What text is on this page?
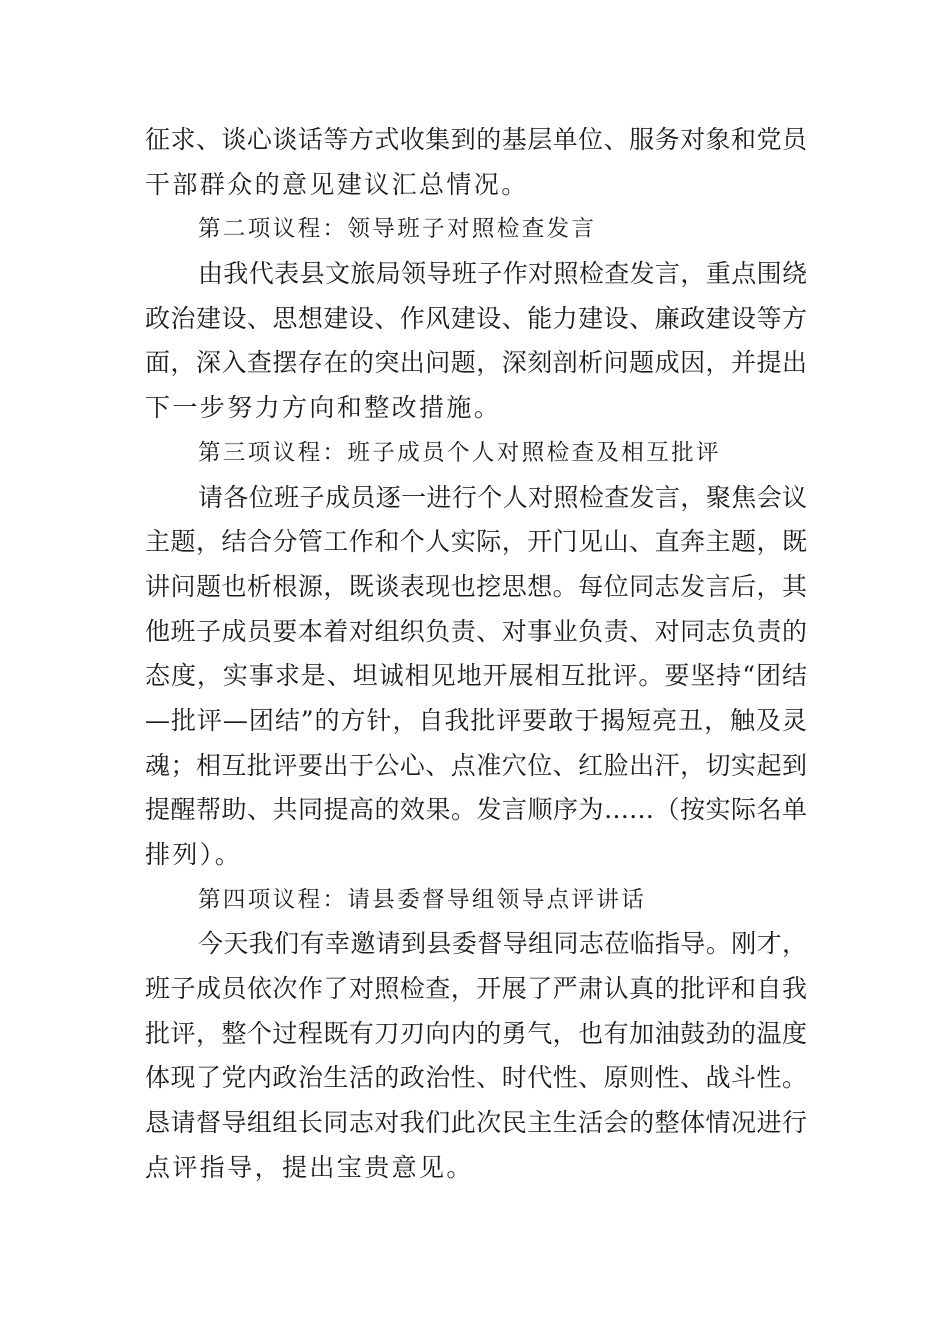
征求、谈心谈话等方式收集到的基层单位、服务对象和党员
干部群众的意见建议汇总情况。
第二项议程：领导班子对照检查发言
由我代表县文旅局领导班子作对照检查发言，重点围绕
政治建设、思想建设、作风建设、能力建设、廉政建设等方
面，深入查摆存在的突出问题，深刻剖析问题成因，并提出
下一步努力方向和整改措施。
第三项议程：班子成员个人对照检查及相互批评
请各位班子成员逐一进行个人对照检查发言，聚焦会议
主题，结合分管工作和个人实际，开门见山、直奔主题，既
讲问题也析根源，既谈表现也挖思想。每位同志发言后，其
他班子成员要本着对组织负责、对事业负责、对同志负责的
态度，实事求是、坦诚相见地开展相互批评。要坚持“团结
—批评—团结”的方针，自我批评要敢于揭短亮丑，触及灵
魂；相互批评要出于公心、点准穴位、红脸出汗，切实起到
提醒帮助、共同提高的效果。发言顺序为……（按实际名单
排列）。
第四项议程：请县委督导组领导点评讲话
今天我们有幸邀请到县委督导组同志莅临指导。刚才，
班子成员依次作了对照检查，开展了严肃认真的批评和自我
批评，整个过程既有刀刃向内的勇气，也有加油鼓劲的温度
体现了党内政治生活的政治性、时代性、原则性、战斗性。
恳请督导组组长同志对我们此次民主生活会的整体情况进行
点评指导，提出宝贵意见。
